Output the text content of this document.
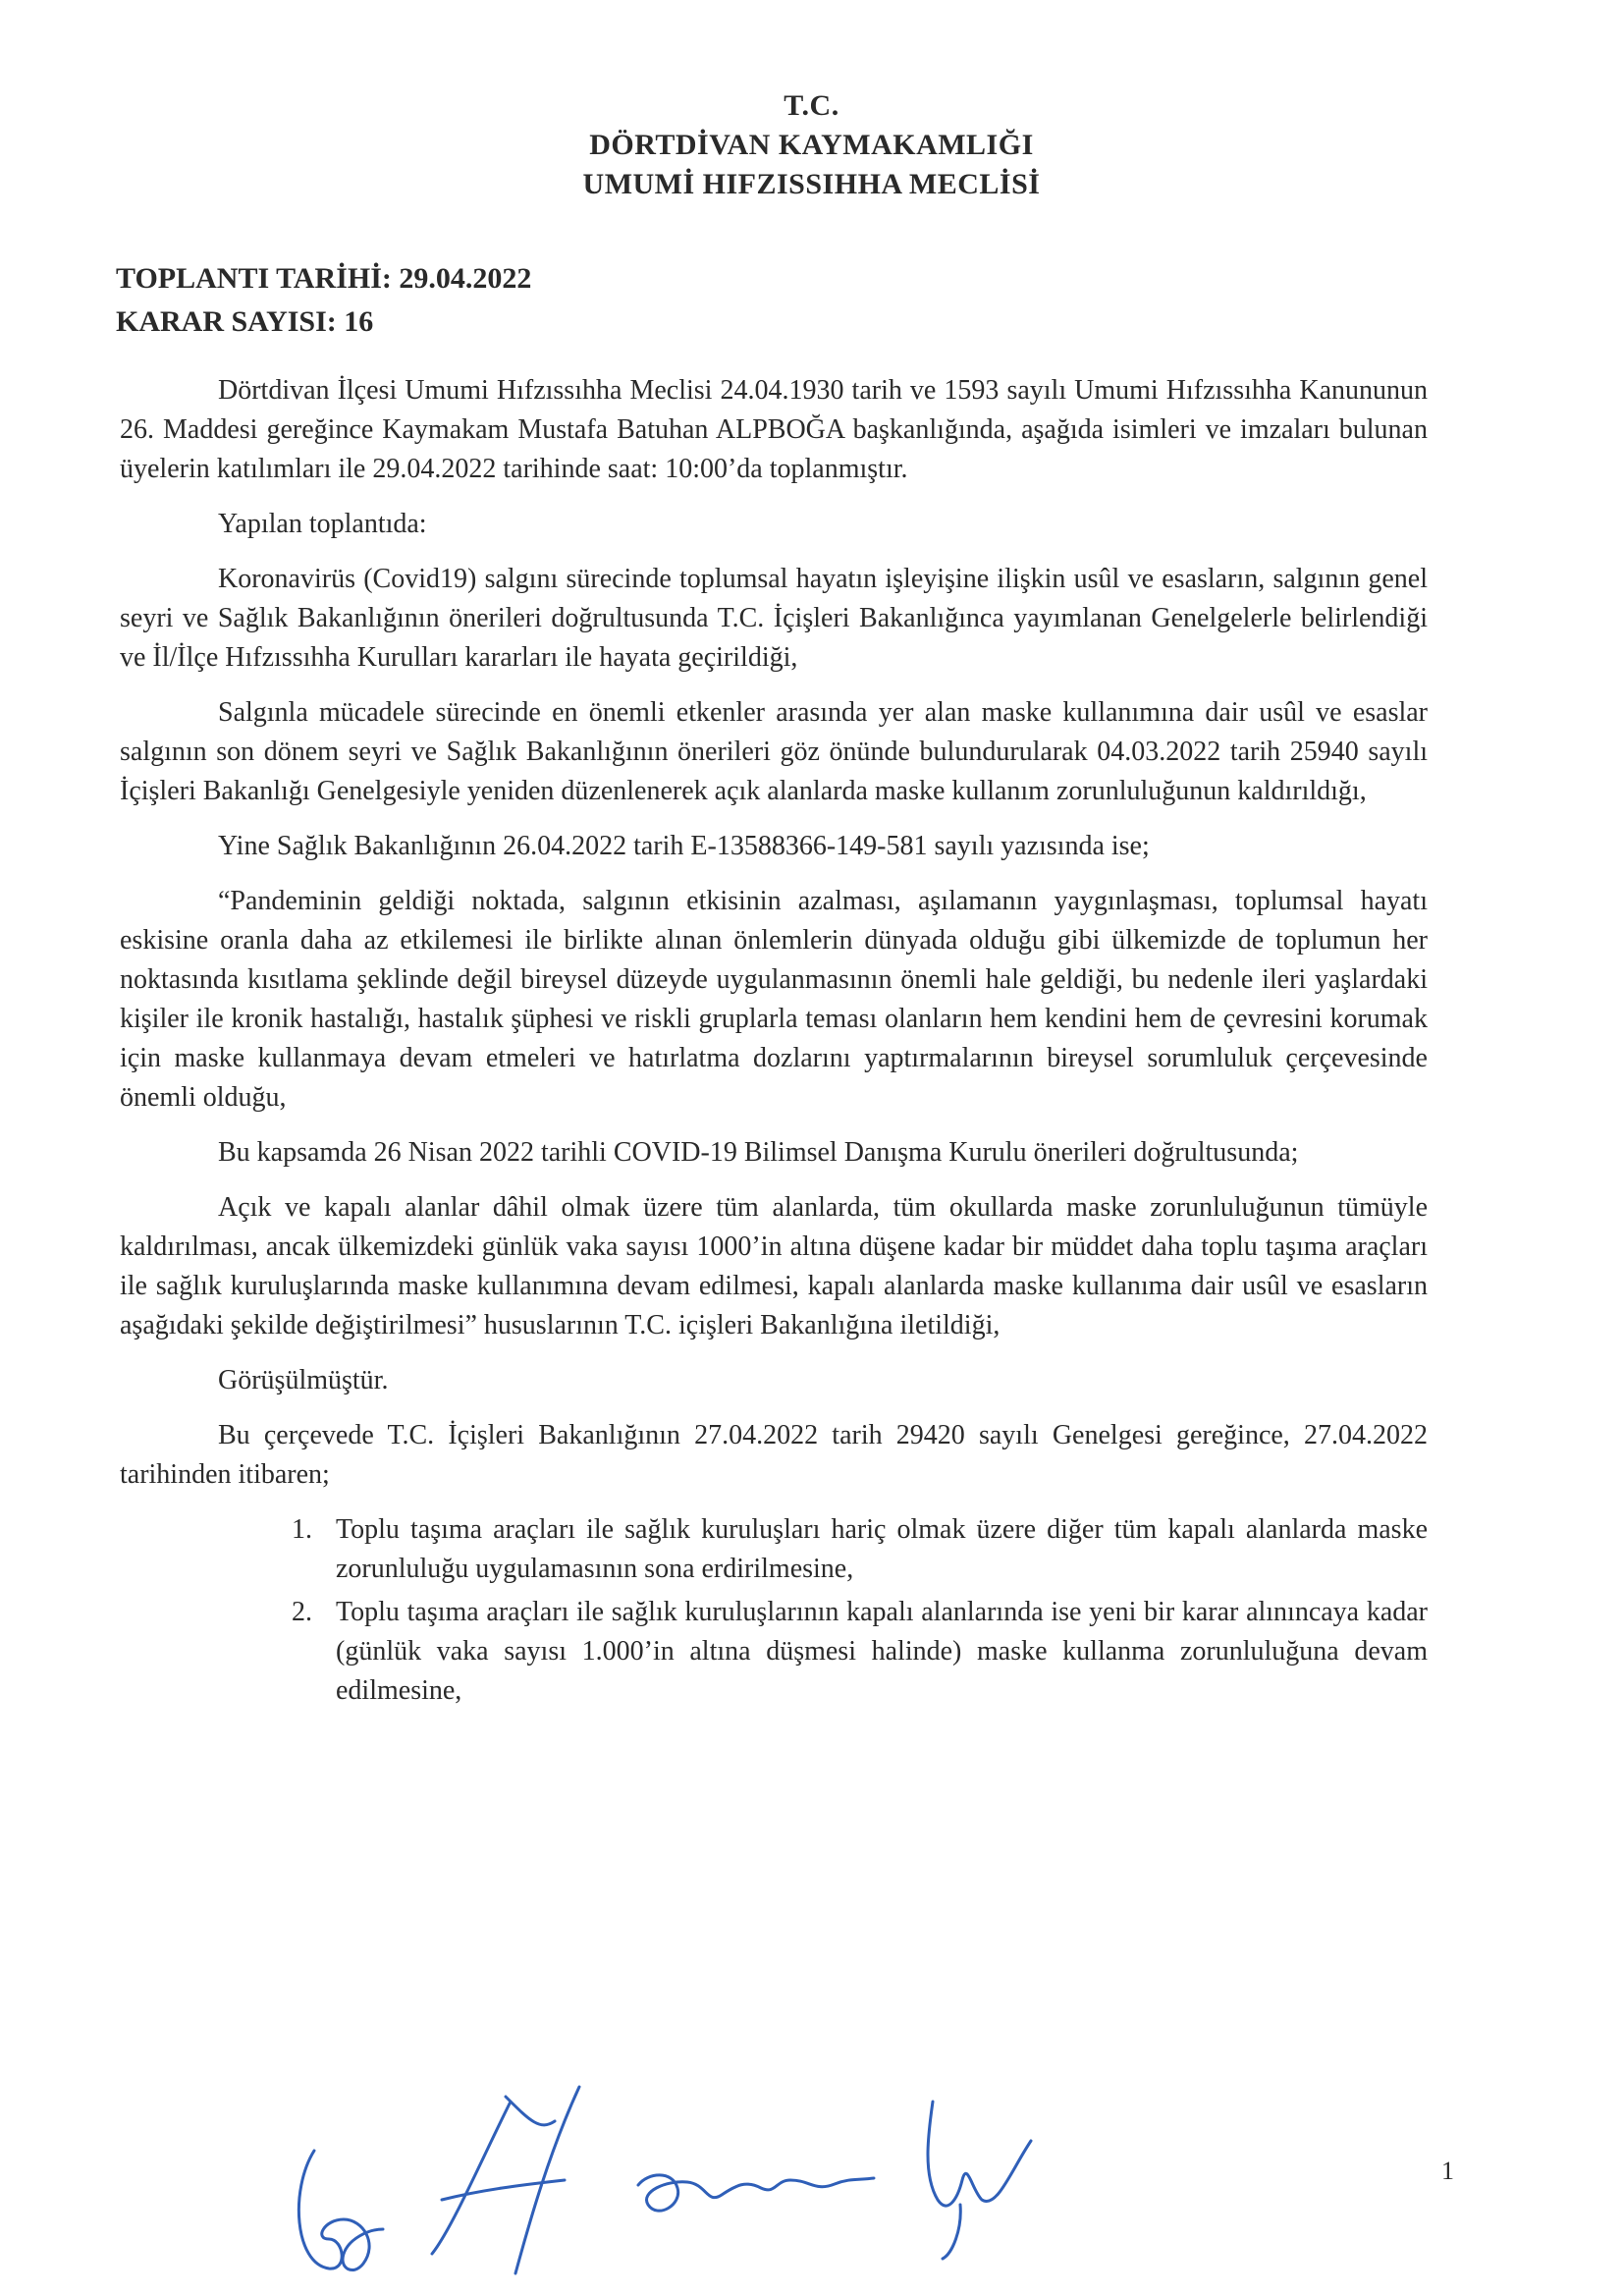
T.C.
DÖRTDİVAN KAYMAKAMLIĞI
UMUMİ HIFZISSIHHA MECLİSİ
TOPLANTI TARİHİ: 29.04.2022
KARAR SAYISI: 16

Dörtdivan İlçesi Umumi Hıfzıssıhha Meclisi 24.04.1930 tarih ve 1593 sayılı Umumi Hıfzıssıhha Kanununun 26. Maddesi gereğince Kaymakam Mustafa Batuhan ALPBOĞA başkanlığında, aşağıda isimleri ve imzaları bulunan üyelerin katılımları ile 29.04.2022 tarihinde saat: 10:00’da toplanmıştır.

Yapılan toplantıda:

Koronavirüs (Covid19) salgını sürecinde toplumsal hayatın işleyişine ilişkin usûl ve esasların, salgının genel seyri ve Sağlık Bakanlığının önerileri doğrultusunda T.C. İçişleri Bakanlığınca yayımlanan Genelgelerle belirlendiği ve İl/İlçe Hıfzıssıhha Kurulları kararları ile hayata geçirildiği,

Salgınla mücadele sürecinde en önemli etkenler arasında yer alan maske kullanımına dair usûl ve esaslar salgının son dönem seyri ve Sağlık Bakanlığının önerileri göz önünde bulundurularak 04.03.2022 tarih 25940 sayılı İçişleri Bakanlığı Genelgesiyle yeniden düzenlenerek açık alanlarda maske kullanım zorunluluğunun kaldırıldığı,

Yine Sağlık Bakanlığının 26.04.2022 tarih E-13588366-149-581 sayılı yazısında ise;

“Pandeminin geldiği noktada, salgının etkisinin azalması, aşılamanın yaygınlaşması, toplumsal hayatı eskisine oranla daha az etkilemesi ile birlikte alınan önlemlerin dünyada olduğu gibi ülkemizde de toplumun her noktasında kısıtlama şeklinde değil bireysel düzeyde uygulanmasının önemli hale geldiği, bu nedenle ileri yaşlardaki kişiler ile kronik hastalığı, hastalık şüphesi ve riskli gruplarla teması olanların hem kendini hem de çevresini korumak için maske kullanmaya devam etmeleri ve hatırlatma dozlarını yaptırmalarının bireysel sorumluluk çerçevesinde önemli olduğu,

Bu kapsamda 26 Nisan 2022 tarihli COVID-19 Bilimsel Danışma Kurulu önerileri doğrultusunda;

Açık ve kapalı alanlar dâhil olmak üzere tüm alanlarda, tüm okullarda maske zorunluluğunun tümüyle kaldırılması, ancak ülkemizdeki günlük vaka sayısı 1000’in altına düşene kadar bir müddet daha toplu taşıma araçları ile sağlık kuruluşlarında maske kullanımına devam edilmesi, kapalı alanlarda maske kullanıma dair usûl ve esasların aşağıdaki şekilde değiştirilmesi” hususlarının T.C. içişleri Bakanlığına iletildiği,

Görüşülmüştür.

Bu çerçevede T.C. İçişleri Bakanlığının 27.04.2022 tarih 29420 sayılı Genelgesi gereğince, 27.04.2022 tarihinden itibaren;

1. Toplu taşıma araçları ile sağlık kuruluşları hariç olmak üzere diğer tüm kapalı alanlarda maske zorunluluğu uygulamasının sona erdirilmesine,
2. Toplu taşıma araçları ile sağlık kuruluşlarının kapalı alanlarında ise yeni bir karar alınıncaya kadar (günlük vaka sayısı 1.000’in altına düşmesi halinde) maske kullanma zorunluluğuna devam edilmesine,
1
